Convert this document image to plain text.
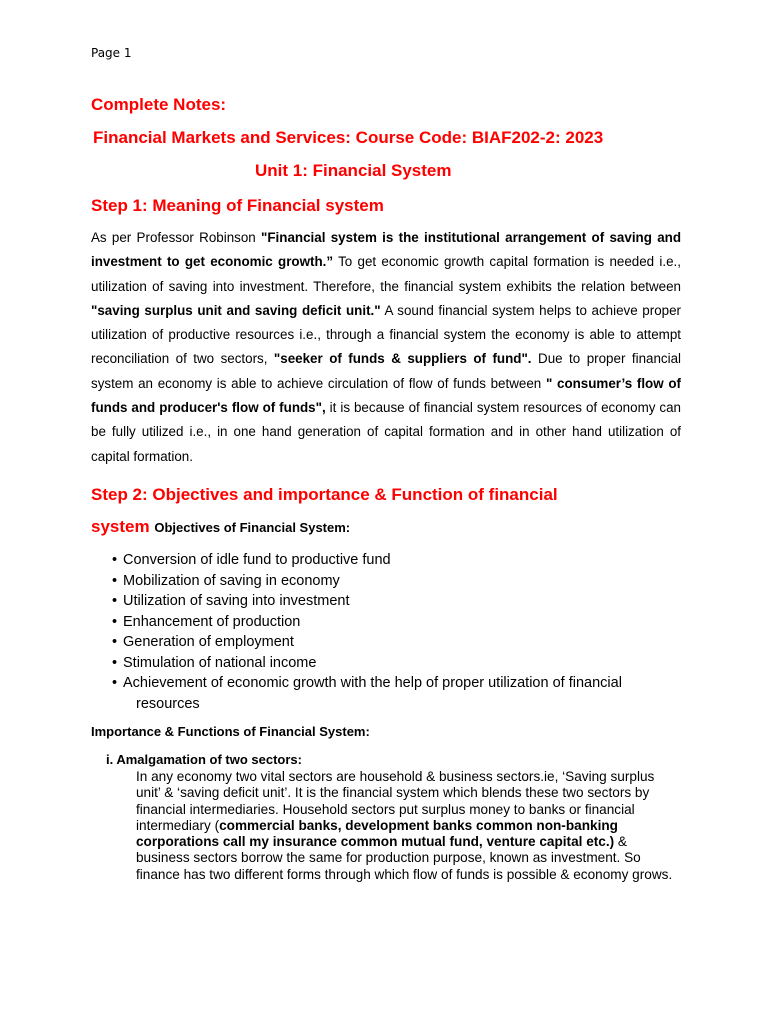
Page 1
Complete Notes:
Financial Markets and Services: Course Code: BIAF202-2: 2023
Unit 1: Financial System
Step 1: Meaning of Financial system

As per Professor Robinson "Financial system is the institutional arrangement of saving and investment to get economic growth.” To get economic growth capital formation is needed i.e., utilization of saving into investment. Therefore, the financial system exhibits the relation between "saving surplus unit and saving deficit unit." A sound financial system helps to achieve proper utilization of productive resources i.e., through a financial system the economy is able to attempt reconciliation of two sectors, "seeker of funds & suppliers of fund". Due to proper financial system an economy is able to achieve circulation of flow of funds between " consumer’s flow of funds and producer's flow of funds", it is because of financial system resources of economy can be fully utilized i.e., in one hand generation of capital formation and in other hand utilization of capital formation.

Step 2: Objectives and importance & Function of financial
system Objectives of Financial System:
• Conversion of idle fund to productive fund
• Mobilization of saving in economy
• Utilization of saving into investment
• Enhancement of production
• Generation of employment
• Stimulation of national income
• Achievement of economic growth with the help of proper utilization of financial resources
Importance & Functions of Financial System:
i. Amalgamation of two sectors:

In any economy two vital sectors are household & business sectors.ie, ‘Saving surplus unit’ & ‘saving deficit unit’. It is the financial system which blends these two sectors by financial intermediaries. Household sectors put surplus money to banks or financial intermediary (commercial banks, development banks common non-banking corporations call my insurance common mutual fund, venture capital etc.) & business sectors borrow the same for production purpose, known as investment. So finance has two different forms through which flow of funds is possible & economy grows.
